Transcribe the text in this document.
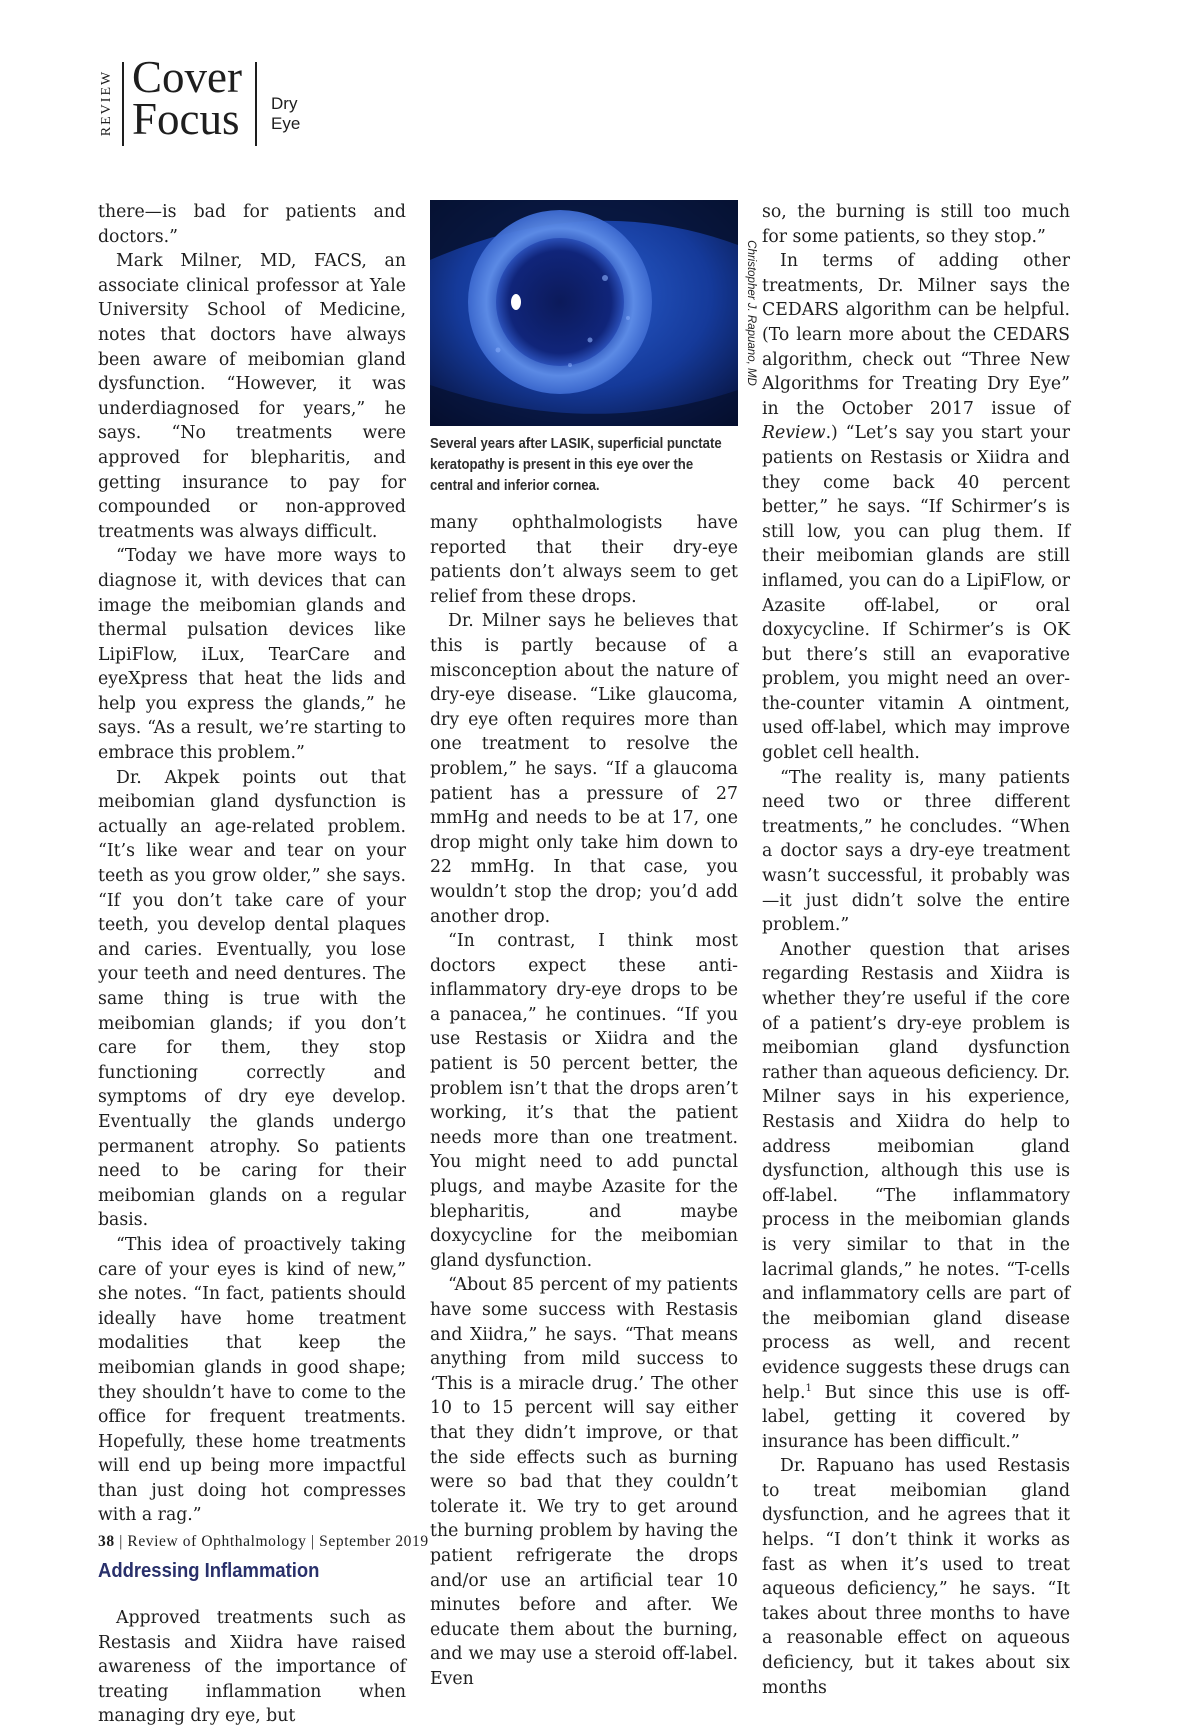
REVIEW Cover
Focus Dry Eye

there—is bad for patients and doctors.”

Mark Milner, MD, FACS, an associate clinical professor at Yale University School of Medicine, notes that doctors have always been aware of meibomian gland dysfunction. “However, it was underdiagnosed for years,” he says. “No treatments were approved for blepharitis, and getting insurance to pay for compounded or non-approved treatments was always difficult.

“Today we have more ways to diagnose it, with devices that can image the meibomian glands and thermal pulsation devices like LipiFlow, iLux, TearCare and eyeXpress that heat the lids and help you express the glands,” he says. “As a result, we’re starting to embrace this problem.”

Dr. Akpek points out that meibomian gland dysfunction is actually an age-related problem. “It’s like wear and tear on your teeth as you grow older,” she says. “If you don’t take care of your teeth, you develop dental plaques and caries. Eventually, you lose your teeth and need dentures. The same thing is true with the meibomian glands; if you don’t care for them, they stop functioning correctly and symptoms of dry eye develop. Eventually the glands undergo permanent atrophy. So patients need to be caring for their meibomian glands on a regular basis.

“This idea of proactively taking care of your eyes is kind of new,” she notes. “In fact, patients should ideally have home treatment modalities that keep the meibomian glands in good shape; they shouldn’t have to come to the office for frequent treatments. Hopefully, these home treatments will end up being more impactful than just doing hot compresses with a rag.”

Addressing Inflammation

Approved treatments such as Restasis and Xiidra have raised awareness of the importance of treating inflammation when managing dry eye, but

Several years after LASIK, superficial punctate keratopathy is present in this eye over the central and inferior cornea.

many ophthalmologists have reported that their dry-eye patients don’t always seem to get relief from these drops.

Dr. Milner says he believes that this is partly because of a misconception about the nature of dry-eye disease. “Like glaucoma, dry eye often requires more than one treatment to resolve the problem,” he says. “If a glaucoma patient has a pressure of 27 mmHg and needs to be at 17, one drop might only take him down to 22 mmHg. In that case, you wouldn’t stop the drop; you’d add another drop.

“In contrast, I think most doctors expect these anti-inflammatory dry-eye drops to be a panacea,” he continues. “If you use Restasis or Xiidra and the patient is 50 percent better, the problem isn’t that the drops aren’t working, it’s that the patient needs more than one treatment. You might need to add punctal plugs, and maybe Azasite for the blepharitis, and maybe doxycycline for the meibomian gland dysfunction.

“About 85 percent of my patients have some success with Restasis and Xiidra,” he says. “That means anything from mild success to ‘This is a miracle drug.’ The other 10 to 15 percent will say either that they didn’t improve, or that the side effects such as burning were so bad that they couldn’t tolerate it. We try to get around the burning problem by having the patient refrigerate the drops and/or use an artificial tear 10 minutes before and after. We educate them about the burning, and we may use a steroid off-label. Even

Christopher J. Rapuano, MD

so, the burning is still too much for some patients, so they stop.”

In terms of adding other treatments, Dr. Milner says the CEDARS algorithm can be helpful. (To learn more about the CEDARS algorithm, check out “Three New Algorithms for Treating Dry Eye” in the October 2017 issue of Review.) “Let’s say you start your patients on Restasis or Xiidra and they come back 40 percent better,” he says. “If Schirmer’s is still low, you can plug them. If their meibomian glands are still inflamed, you can do a LipiFlow, or Azasite off-label, or oral doxycycline. If Schirmer’s is OK but there’s still an evaporative problem, you might need an over-the-counter vitamin A ointment, used off-label, which may improve goblet cell health.

“The reality is, many patients need two or three different treatments,” he concludes. “When a doctor says a dry-eye treatment wasn’t successful, it probably was—it just didn’t solve the entire problem.”

Another question that arises regarding Restasis and Xiidra is whether they’re useful if the core of a patient’s dry-eye problem is meibomian gland dysfunction rather than aqueous deficiency. Dr. Milner says in his experience, Restasis and Xiidra do help to address meibomian gland dysfunction, although this use is off-label. “The inflammatory process in the meibomian glands is very similar to that in the lacrimal glands,” he notes. “T-cells and inflammatory cells are part of the meibomian gland disease process as well, and recent evidence suggests these drugs can help.$^1$ But since this use is off-label, getting it covered by insurance has been difficult.”

Dr. Rapuano has used Restasis to treat meibomian gland dysfunction, and he agrees that it helps. “I don’t think it works as fast as when it’s used to treat aqueous deficiency,” he says. “It takes about three months to have a reasonable effect on aqueous deficiency, but it takes about six months

38 | Review of Ophthalmology | September 2019
